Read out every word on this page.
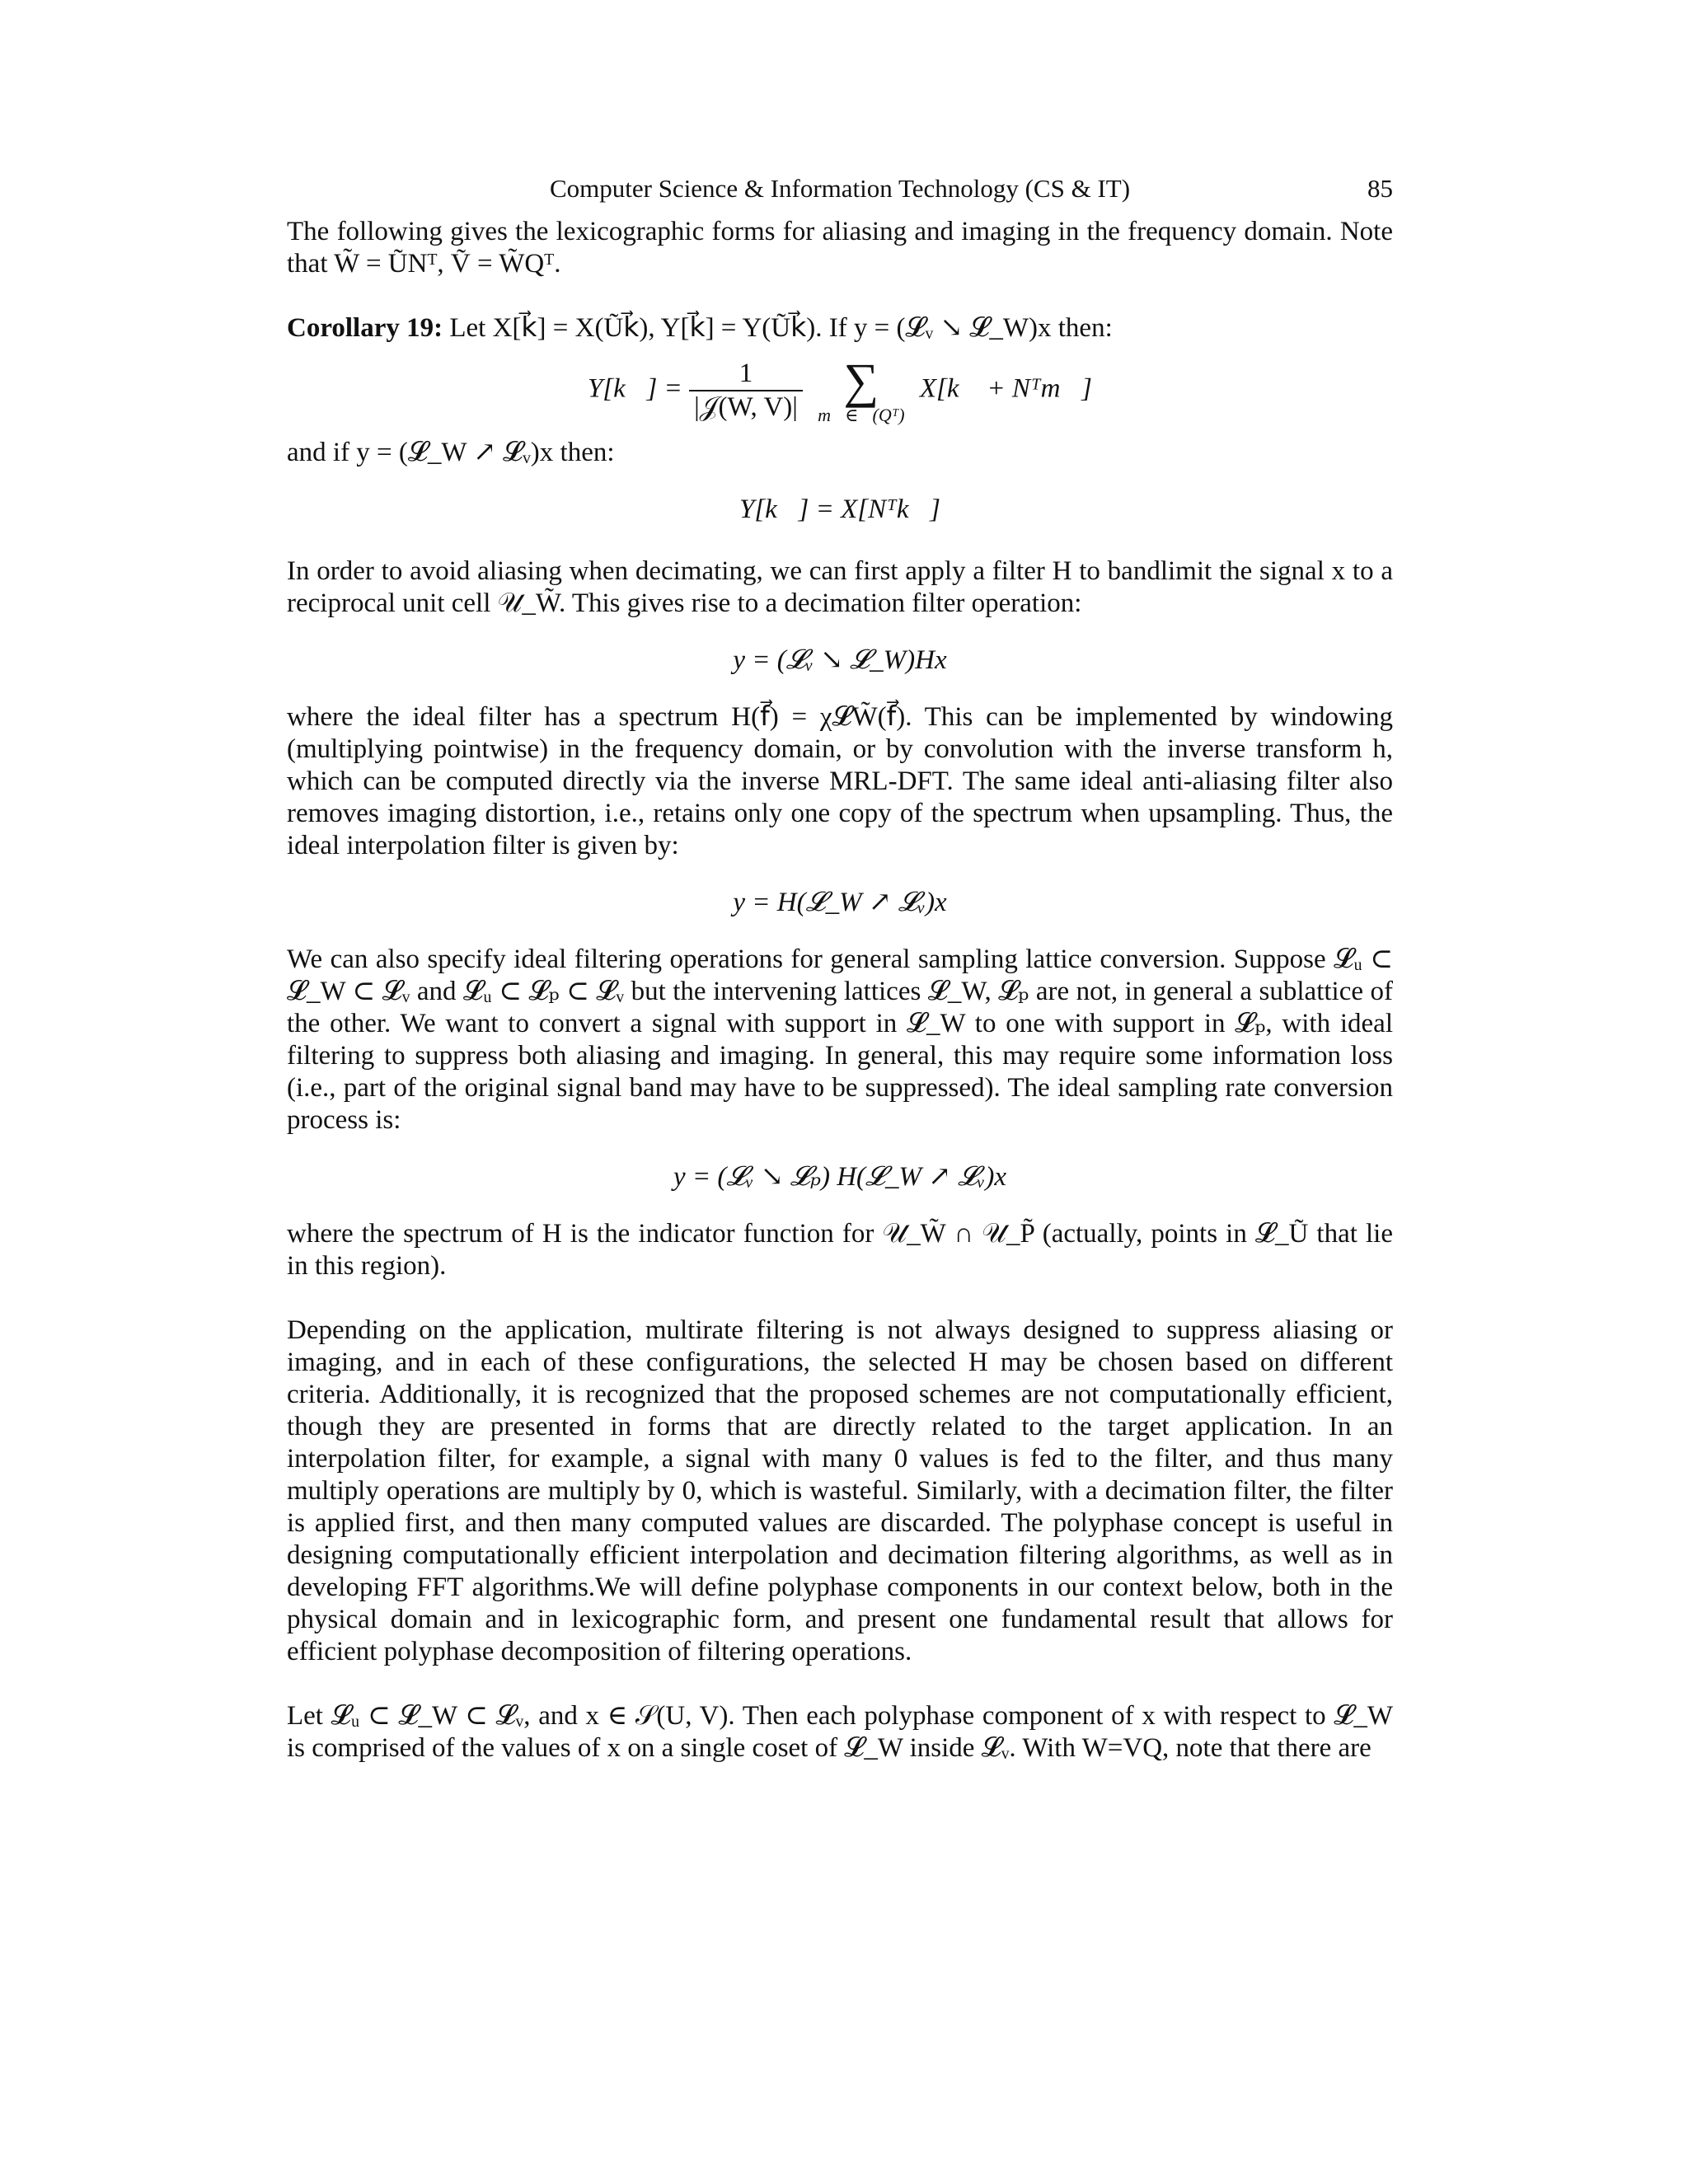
Computer Science & Information Technology (CS & IT)	85

The following gives the lexicographic forms for aliasing and imaging in the frequency domain. Note that W̃ = ŨNᵀ, Ṽ = W̃Qᵀ.

Corollary 19: Let X[k⃗] = X(Ũk⃗), Y[k⃗] = Y(Ũk⃗). If y = (𝓛ᵥ ↘ 𝓛_W)x then:

Y[k⃗] = $\frac{1}{\text{|𝒥(W, V)|}}$
∑
m⃗∈𝒥(Qᵀ)
X[k⃗ + Nᵀm⃗]

and if y = (𝓛_W ↗ 𝓛ᵥ)x then:

Y[k⃗] = X[Nᵀk⃗]

In order to avoid aliasing when decimating, we can first apply a filter H to bandlimit the signal x to a reciprocal unit cell 𝒰_W̃. This gives rise to a decimation filter operation:

y = (𝓛ᵥ ↘ 𝓛_W)Hx

where the ideal filter has a spectrum H(f⃗) = χ𝓛W̃(f⃗). This can be implemented by windowing (multiplying pointwise) in the frequency domain, or by convolution with the inverse transform h, which can be computed directly via the inverse MRL-DFT. The same ideal anti-aliasing filter also removes imaging distortion, i.e., retains only one copy of the spectrum when upsampling. Thus, the ideal interpolation filter is given by:

y = H(𝓛_W ↗ 𝓛ᵥ)x

We can also specify ideal filtering operations for general sampling lattice conversion. Suppose 𝓛ᵤ ⊂ 𝓛_W ⊂ 𝓛ᵥ and 𝓛ᵤ ⊂ 𝓛ₚ ⊂ 𝓛ᵥ but the intervening lattices 𝓛_W, 𝓛ₚ are not, in general a sublattice of the other. We want to convert a signal with support in 𝓛_W to one with support in 𝓛ₚ, with ideal filtering to suppress both aliasing and imaging. In general, this may require some information loss (i.e., part of the original signal band may have to be suppressed). The ideal sampling rate conversion process is:

y = (𝓛ᵥ ↘ 𝓛ₚ) H(𝓛_W ↗ 𝓛ᵥ)x

where the spectrum of H is the indicator function for 𝒰_W̃ ∩ 𝒰_P̃ (actually, points in 𝓛_Ũ that lie in this region).

Depending on the application, multirate filtering is not always designed to suppress aliasing or imaging, and in each of these configurations, the selected H may be chosen based on different criteria. Additionally, it is recognized that the proposed schemes are not computationally efficient, though they are presented in forms that are directly related to the target application. In an interpolation filter, for example, a signal with many 0 values is fed to the filter, and thus many multiply operations are multiply by 0, which is wasteful. Similarly, with a decimation filter, the filter is applied first, and then many computed values are discarded. The polyphase concept is useful in designing computationally efficient interpolation and decimation filtering algorithms, as well as in developing FFT algorithms.We will define polyphase components in our context below, both in the physical domain and in lexicographic form, and present one fundamental result that allows for efficient polyphase decomposition of filtering operations.

Let 𝓛ᵤ ⊂ 𝓛_W ⊂ 𝓛ᵥ, and x ∈ 𝒮(U, V). Then each polyphase component of x with respect to 𝓛_W is comprised of the values of x on a single coset of 𝓛_W inside 𝓛ᵥ. With W=VQ, note that there are
